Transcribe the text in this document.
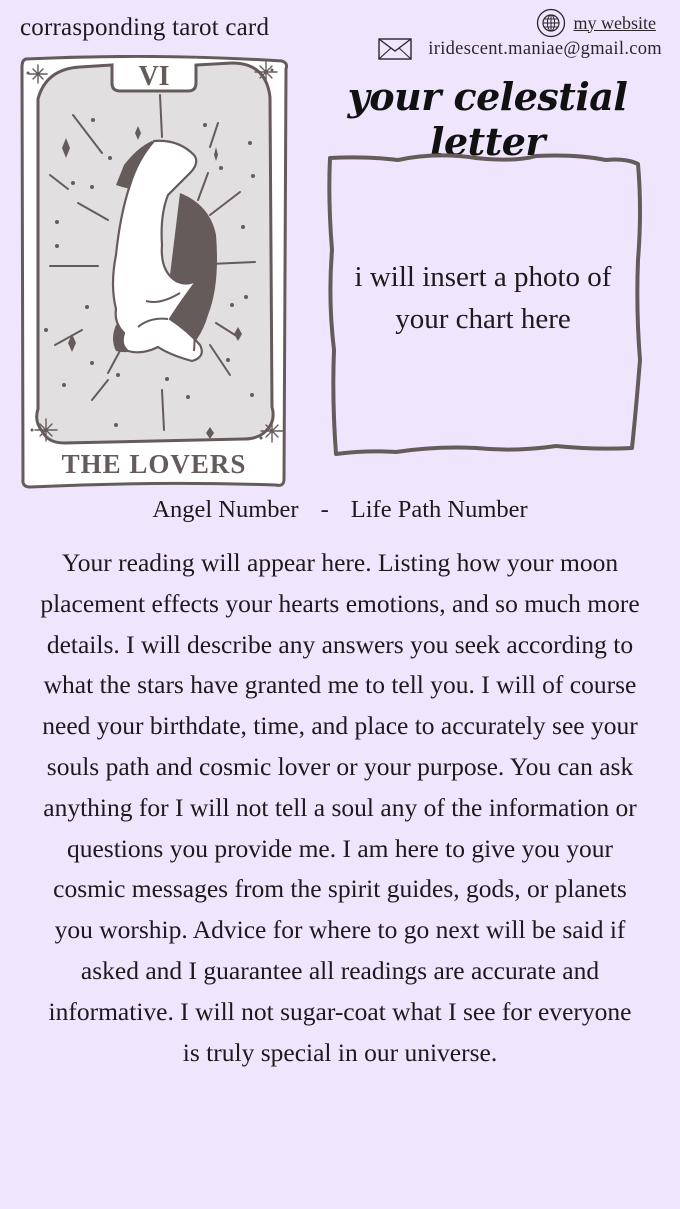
corrasponding tarot card	my website
iridescent.maniae@gmail.com
your celestial letter
VI
THE LOVERS
i will insert a photo of your chart here
Angel Number - Life Path Number
Your reading will appear here. Listing how your moon placement effects your hearts emotions, and so much more details. I will describe any answers you seek according to what the stars have granted me to tell you. I will of course need your birthdate, time, and place to accurately see your souls path and cosmic lover or your purpose. You can ask anything for I will not tell a soul any of the information or questions you provide me. I am here to give you your cosmic messages from the spirit guides, gods, or planets you worship. Advice for where to go next will be said if asked and I guarantee all readings are accurate and informative. I will not sugar-coat what I see for everyone is truly special in our universe.
